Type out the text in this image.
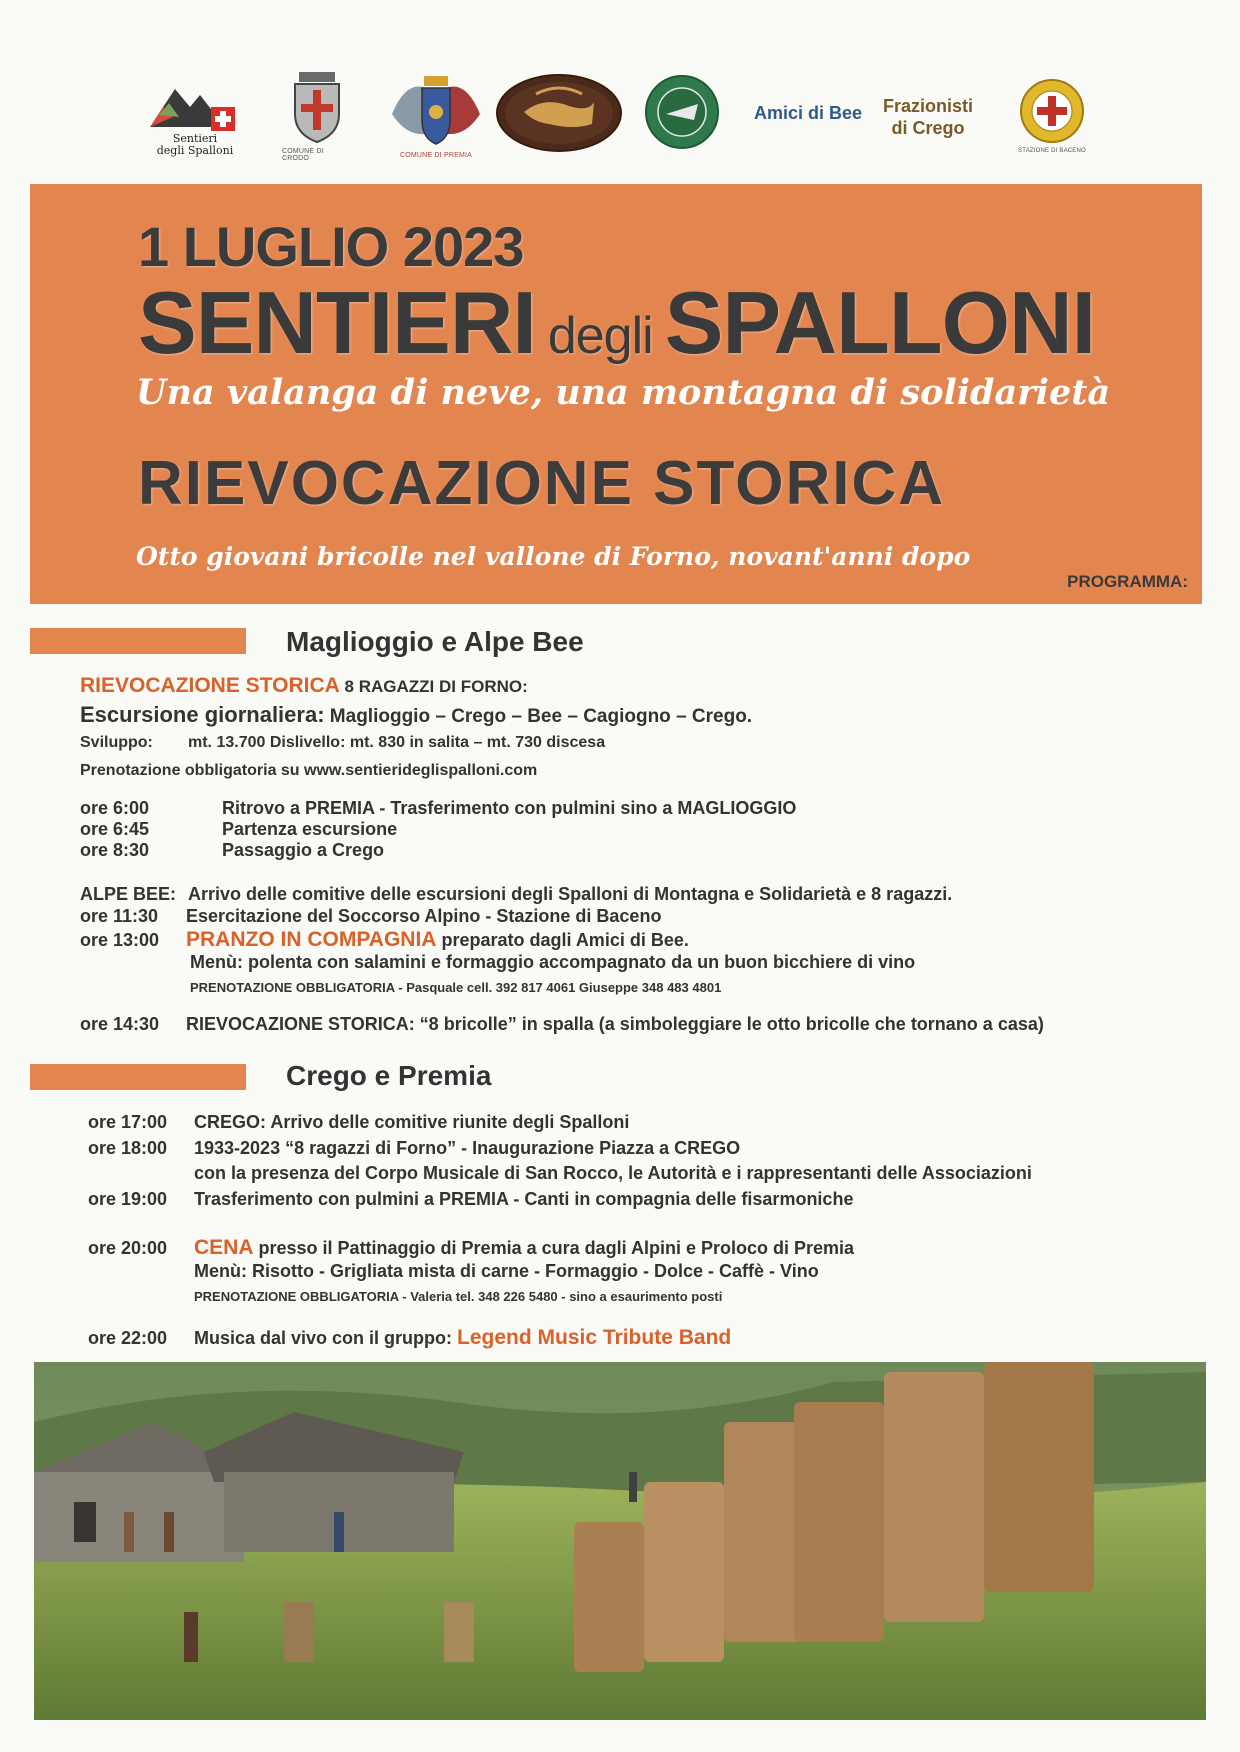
Sentieri
degli Spalloni	COMUNE DI CRODO	COMUNE DI PREMIA
Amici di Bee Frazionisti
di Crego
STAZIONE DI BACENO
1 LUGLIO 2023
SENTIERI degli SPALLONI
Una valanga di neve, una montagna di solidarietà
RIEVOCAZIONE STORICA
Otto giovani bricolle nel vallone di Forno, novant'anni dopo
PROGRAMMA:
Maglioggio e Alpe Bee
RIEVOCAZIONE STORICA 8 RAGAZZI DI FORNO:
Escursione giornaliera: Maglioggio – Crego – Bee – Cagiogno – Crego.
Sviluppo: mt. 13.700 Dislivello: mt. 830 in salita – mt. 730 discesa
Prenotazione obbligatoria su www.sentierideglispalloni.com
ore 6:00	Ritrovo a PREMIA - Trasferimento con pulmini sino a MAGLIOGGIO
ore 6:45	Partenza escursione
ore 8:30	Passaggio a Crego
ALPE BEE: Arrivo delle comitive delle escursioni degli Spalloni di Montagna e Solidarietà e 8 ragazzi.
ore 11:30 Esercitazione del Soccorso Alpino - Stazione di Baceno
ore 13:00 PRANZO IN COMPAGNIA preparato dagli Amici di Bee.
Menù: polenta con salamini e formaggio accompagnato da un buon bicchiere di vino
PRENOTAZIONE OBBLIGATORIA - Pasquale cell. 392 817 4061 Giuseppe 348 483 4801
ore 14:30 RIEVOCAZIONE STORICA: “8 bricolle” in spalla (a simboleggiare le otto bricolle che tornano a casa)
Crego e Premia
ore 17:00 CREGO: Arrivo delle comitive riunite degli Spalloni
ore 18:00 1933-2023 “8 ragazzi di Forno” - Inaugurazione Piazza a CREGO
con la presenza del Corpo Musicale di San Rocco, le Autorità e i rappresentanti delle Associazioni
ore 19:00 Trasferimento con pulmini a PREMIA - Canti in compagnia delle fisarmoniche
ore 20:00 CENA presso il Pattinaggio di Premia a cura dagli Alpini e Proloco di Premia
Menù: Risotto - Grigliata mista di carne - Formaggio - Dolce - Caffè - Vino
PRENOTAZIONE OBBLIGATORIA - Valeria tel. 348 226 5480 - sino a esaurimento posti
ore 22:00 Musica dal vivo con il gruppo: Legend Music Tribute Band
